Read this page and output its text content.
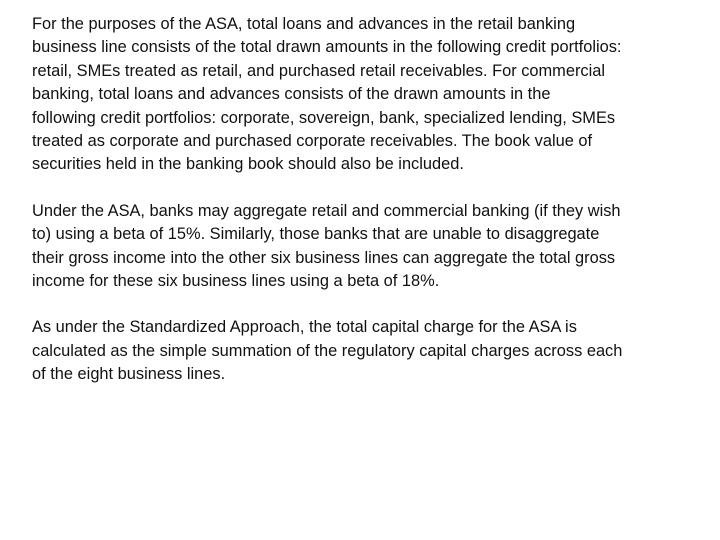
For the purposes of the ASA, total loans and advances in the retail banking
business line consists of the total drawn amounts in the following credit portfolios:
retail, SMEs treated as retail, and purchased retail receivables. For commercial
banking, total loans and advances consists of the drawn amounts in the
following credit portfolios: corporate, sovereign, bank, specialized lending, SMEs
treated as corporate and purchased corporate receivables. The book value of
securities held in the banking book should also be included.

Under the ASA, banks may aggregate retail and commercial banking (if they wish
to) using a beta of 15%. Similarly, those banks that are unable to disaggregate
their gross income into the other six business lines can aggregate the total gross
income for these six business lines using a beta of 18%.

As under the Standardized Approach, the total capital charge for the ASA is
calculated as the simple summation of the regulatory capital charges across each
of the eight business lines.
